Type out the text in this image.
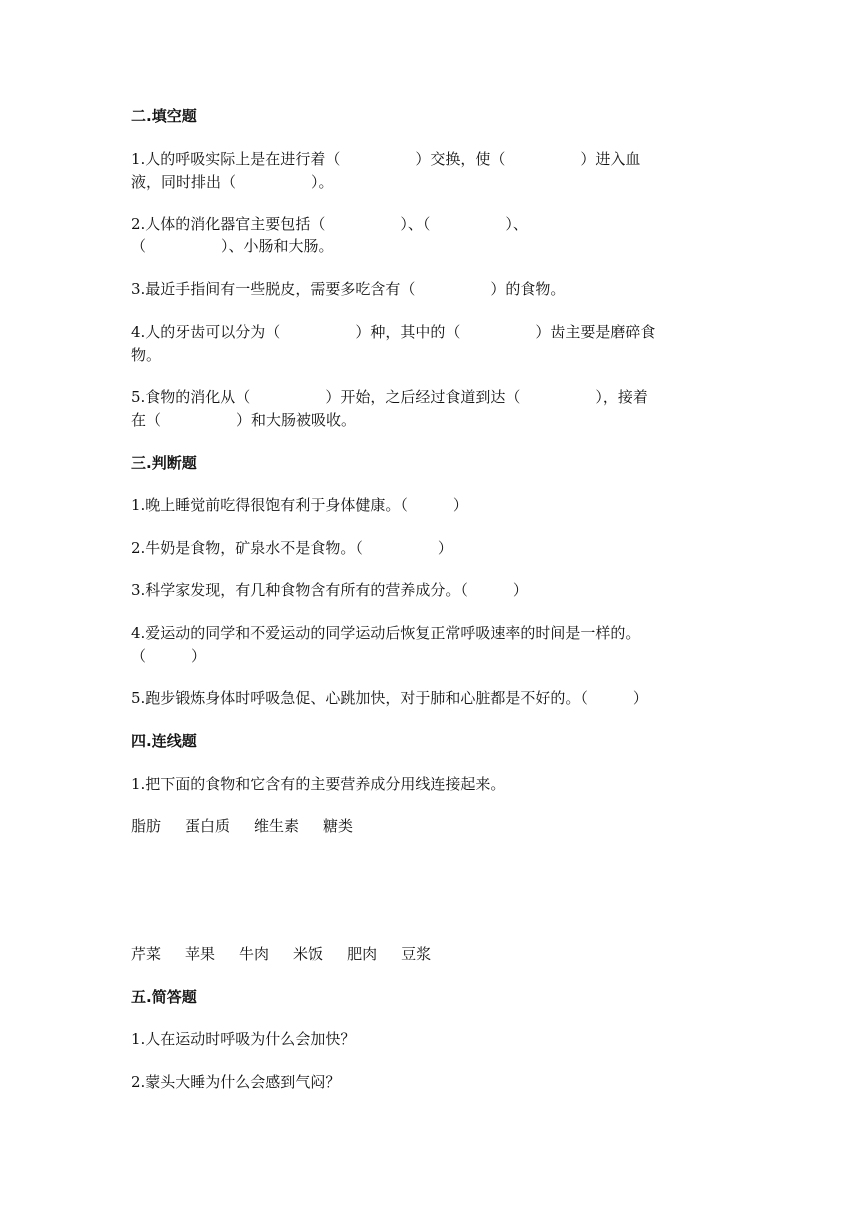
二.填空题
1.人的呼吸实际上是在进行着（　　　　　）交换，使（　　　　　）进入血
液，同时排出（　　　　　）。
2.人体的消化器官主要包括（　　　　　）、（　　　　　）、
（　　　　　）、小肠和大肠。
3.最近手指间有一些脱皮，需要多吃含有（　　　　　）的食物。
4.人的牙齿可以分为（　　　　　）种，其中的（　　　　　）齿主要是磨碎食
物。
5.食物的消化从（　　　　　）开始，之后经过食道到达（　　　　　），接着
在（　　　　　）和大肠被吸收。
三.判断题
1.晚上睡觉前吃得很饱有利于身体健康。（　　　）
2.牛奶是食物，矿泉水不是食物。（　　　　　）
3.科学家发现，有几种食物含有所有的营养成分。（　　　）
4.爱运动的同学和不爱运动的同学运动后恢复正常呼吸速率的时间是一样的。
（　　　）
5.跑步锻炼身体时呼吸急促、心跳加快，对于肺和心脏都是不好的。（　　　）
四.连线题
1.把下面的食物和它含有的主要营养成分用线连接起来。
脂肪 蛋白质 维生素 糖类
芹菜 苹果 牛肉 米饭 肥肉 豆浆
五.简答题
1.人在运动时呼吸为什么会加快？
2.蒙头大睡为什么会感到气闷？
